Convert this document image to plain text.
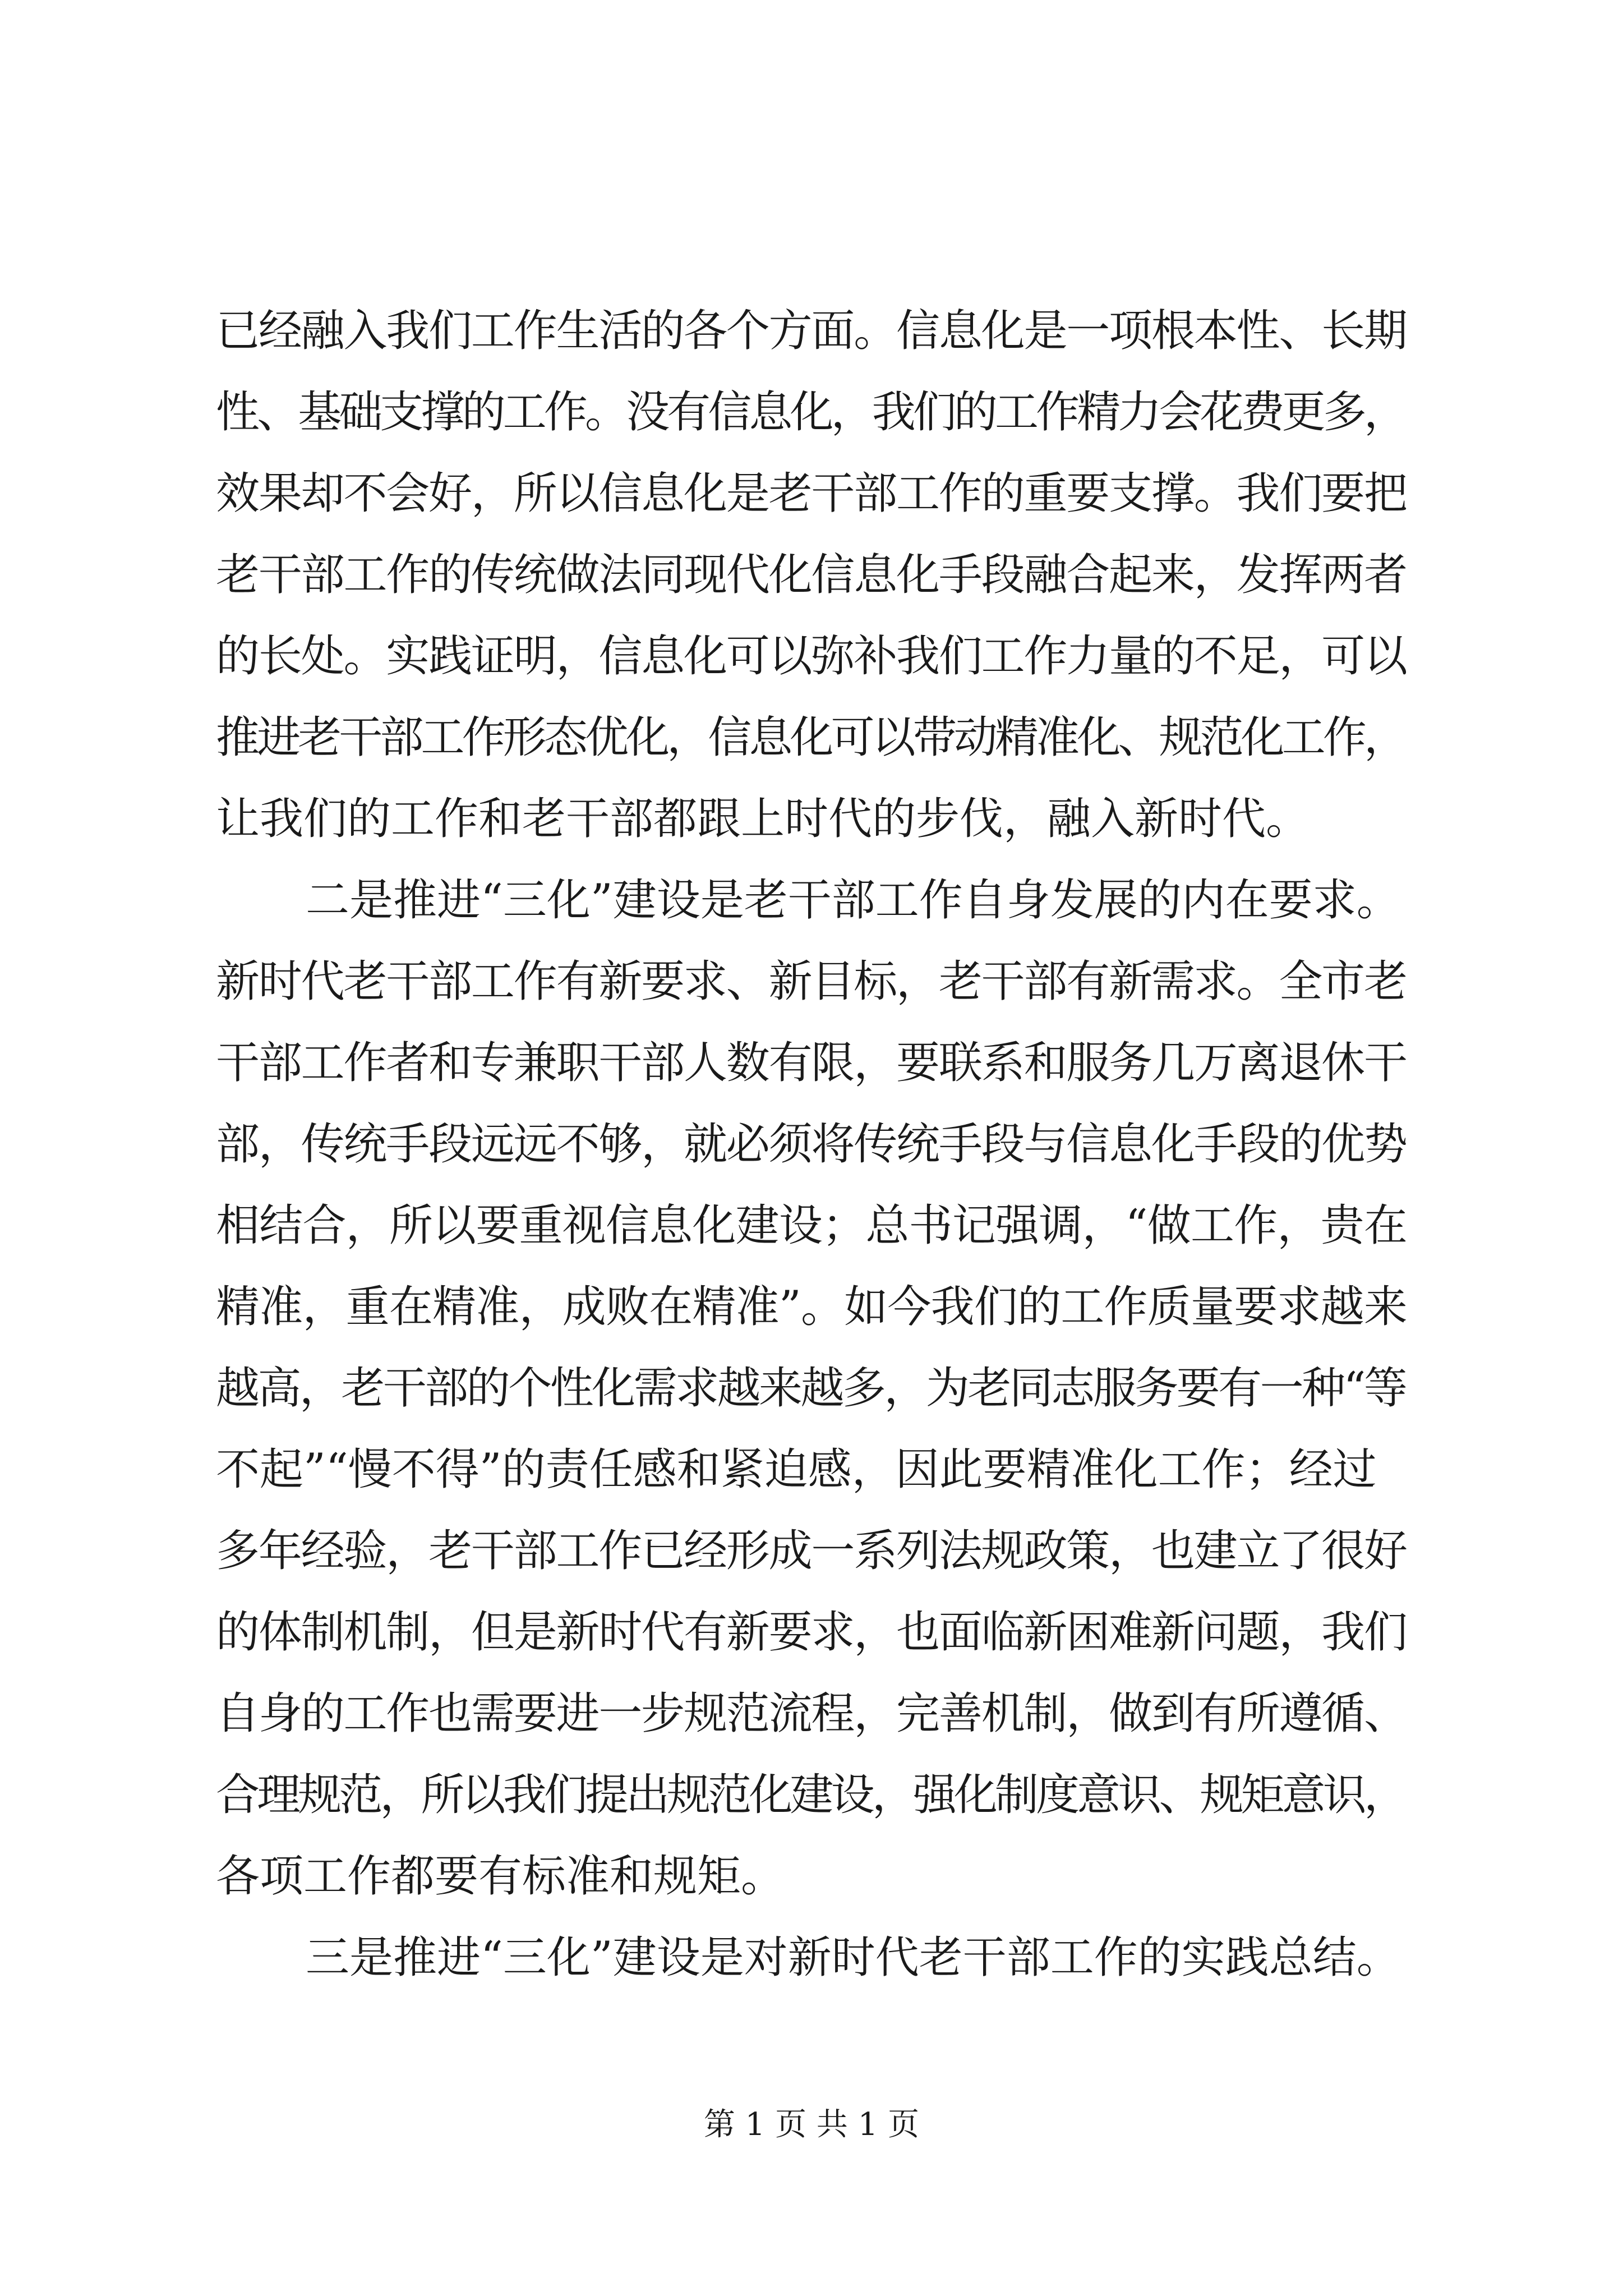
已经融入我们工作生活的各个方面。信息化是一项根本性、长期
性、基础支撑的工作。没有信息化，我们的工作精力会花费更多，
效果却不会好，所以信息化是老干部工作的重要支撑。我们要把
老干部工作的传统做法同现代化信息化手段融合起来，发挥两者
的长处。实践证明，信息化可以弥补我们工作力量的不足，可以
推进老干部工作形态优化，信息化可以带动精准化、规范化工作，
让我们的工作和老干部都跟上时代的步伐，融入新时代。
二是推进“三化”建设是老干部工作自身发展的内在要求。
新时代老干部工作有新要求、新目标，老干部有新需求。全市老
干部工作者和专兼职干部人数有限，要联系和服务几万离退休干
部，传统手段远远不够，就必须将传统手段与信息化手段的优势
相结合，所以要重视信息化建设；总书记强调，“做工作，贵在
精准，重在精准，成败在精准”。如今我们的工作质量要求越来
越高，老干部的个性化需求越来越多，为老同志服务要有一种“等
不起”“慢不得”的责任感和紧迫感，因此要精准化工作；经过
多年经验，老干部工作已经形成一系列法规政策，也建立了很好
的体制机制，但是新时代有新要求，也面临新困难新问题，我们
自身的工作也需要进一步规范流程，完善机制，做到有所遵循、
合理规范，所以我们提出规范化建设，强化制度意识、规矩意识，
各项工作都要有标准和规矩。
三是推进“三化”建设是对新时代老干部工作的实践总结。
第 1 页 共 1 页
